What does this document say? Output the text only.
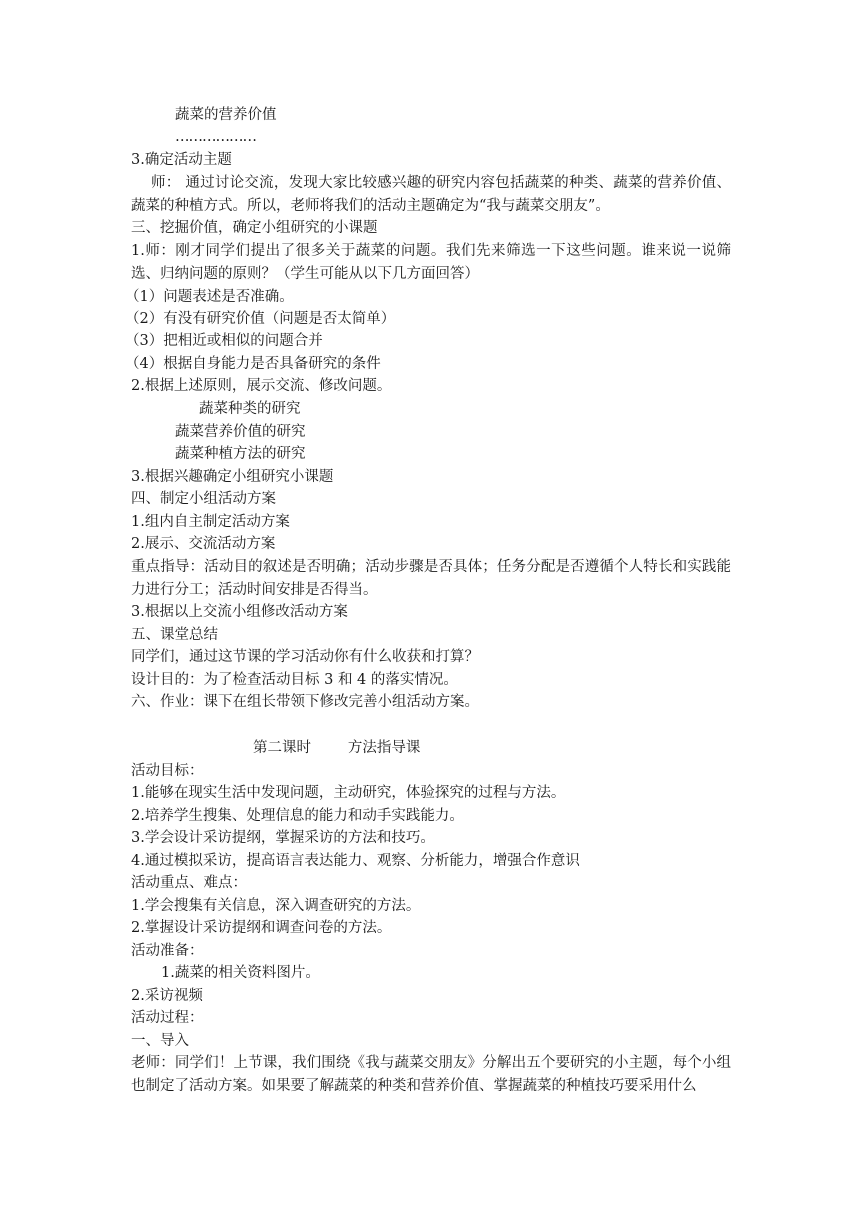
蔬菜的营养价值

………………

3.确定活动主题

师： 通过讨论交流，发现大家比较感兴趣的研究内容包括蔬菜的种类、蔬菜的营养价值、蔬菜的种植方式。所以，老师将我们的活动主题确定为“我与蔬菜交朋友”。

三、挖掘价值，确定小组研究的小课题

1.师：刚才同学们提出了很多关于蔬菜的问题。我们先来筛选一下这些问题。谁来说一说筛选、归纳问题的原则？（学生可能从以下几方面回答）

（1）问题表述是否准确。

（2）有没有研究价值（问题是否太简单）

（3）把相近或相似的问题合并

（4）根据自身能力是否具备研究的条件

2.根据上述原则，展示交流、修改问题。

蔬菜种类的研究

蔬菜营养价值的研究

蔬菜种植方法的研究

3.根据兴趣确定小组研究小课题

四、制定小组活动方案

1.组内自主制定活动方案

2.展示、交流活动方案

重点指导：活动目的叙述是否明确；活动步骤是否具体；任务分配是否遵循个人特长和实践能力进行分工；活动时间安排是否得当。

3.根据以上交流小组修改活动方案

五、课堂总结

同学们，通过这节课的学习活动你有什么收获和打算？

设计目的：为了检查活动目标 3 和 4 的落实情况。

六、作业：课下在组长带领下修改完善小组活动方案。

第二课时        方法指导课

活动目标：

1.能够在现实生活中发现问题，主动研究，体验探究的过程与方法。

2.培养学生搜集、处理信息的能力和动手实践能力。

3.学会设计采访提纲，掌握采访的方法和技巧。

4.通过模拟采访，提高语言表达能力、观察、分析能力，增强合作意识

活动重点、难点：

1.学会搜集有关信息，深入调查研究的方法。

2.掌握设计采访提纲和调查问卷的方法。

活动准备：

1.蔬菜的相关资料图片。

2.采访视频

活动过程：

一、导入

老师：同学们！上节课，我们围绕《我与蔬菜交朋友》分解出五个要研究的小主题，每个小组也制定了活动方案。如果要了解蔬菜的种类和营养价值、掌握蔬菜的种植技巧要采用什么
